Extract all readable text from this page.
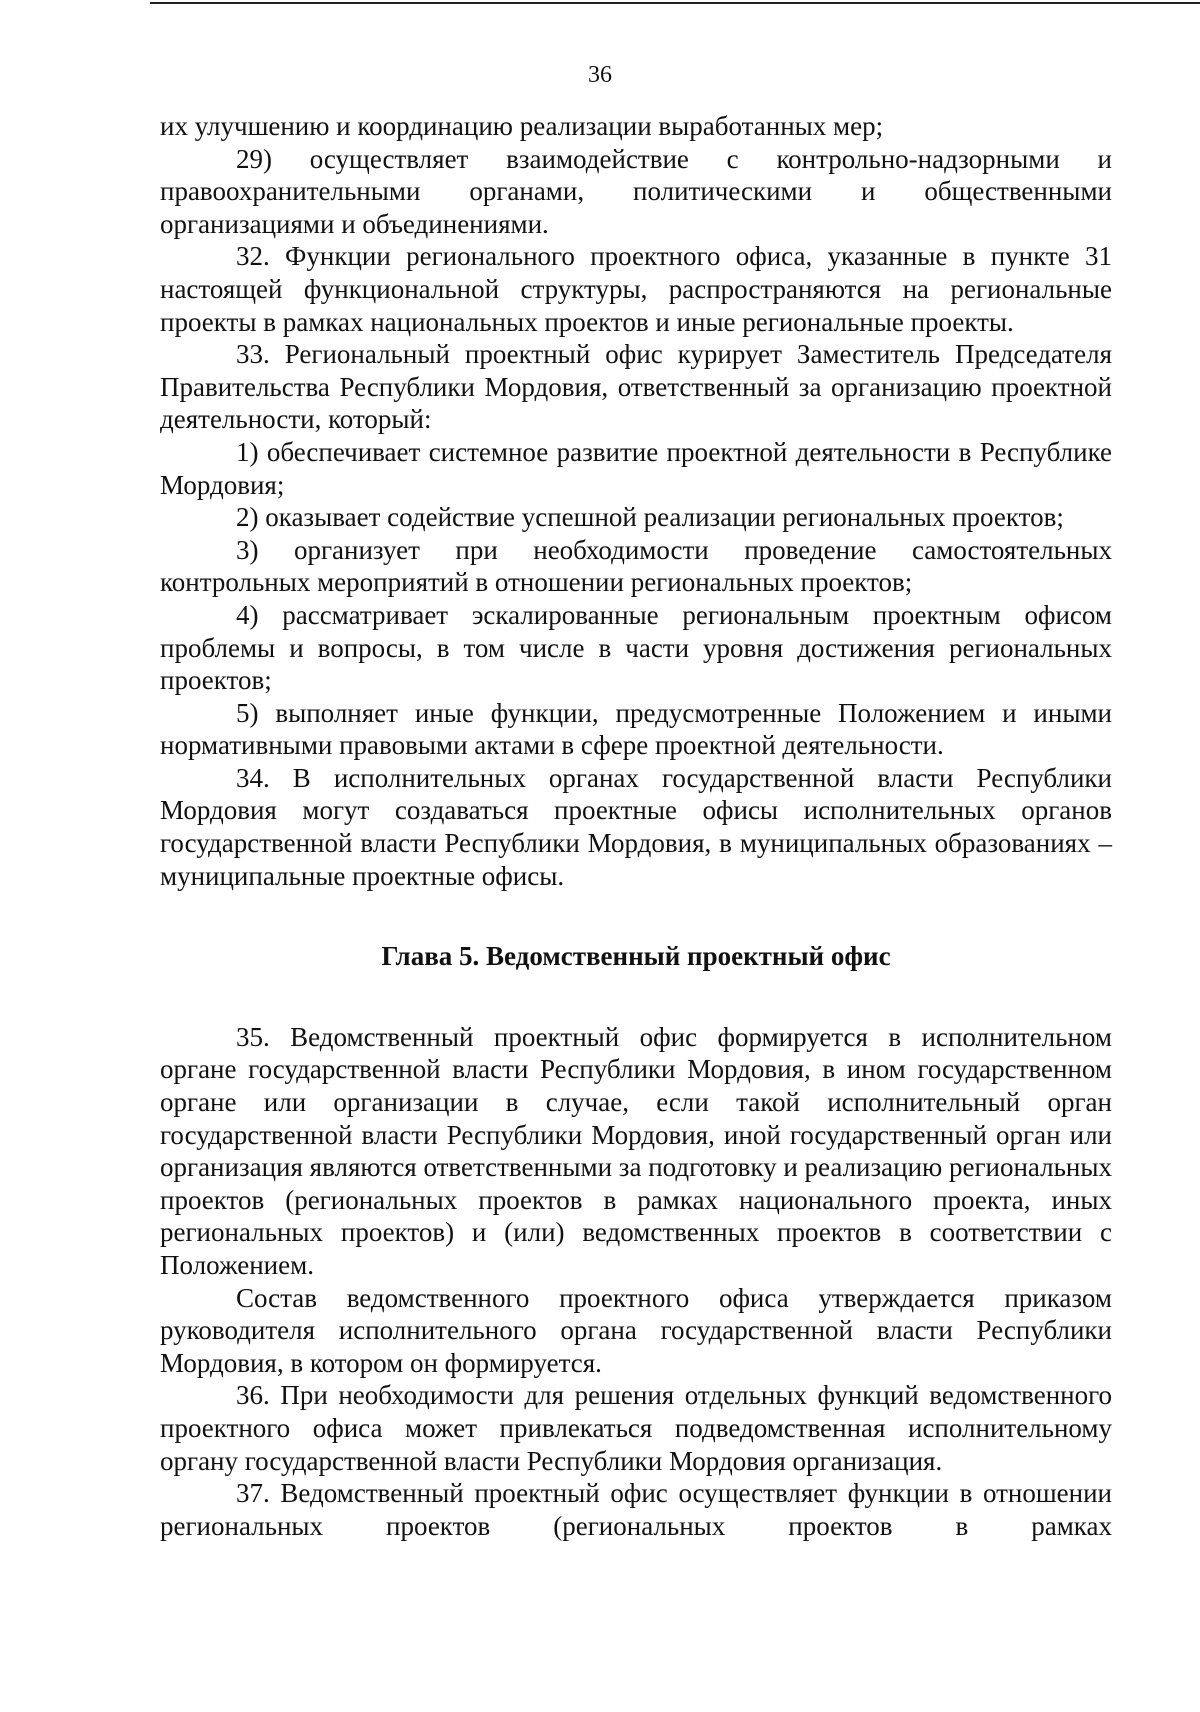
36

их улучшению и координацию реализации выработанных мер;

29) осуществляет взаимодействие с контрольно-надзорными и правоохранительными органами, политическими и общественными организациями и объединениями.

32. Функции регионального проектного офиса, указанные в пункте 31 настоящей функциональной структуры, распространяются на региональные проекты в рамках национальных проектов и иные региональные проекты.

33. Региональный проектный офис курирует Заместитель Председателя Правительства Республики Мордовия, ответственный за организацию проектной деятельности, который:

1) обеспечивает системное развитие проектной деятельности в Республике Мордовия;

2) оказывает содействие успешной реализации региональных проектов;

3) организует при необходимости проведение самостоятельных контрольных мероприятий в отношении региональных проектов;

4) рассматривает эскалированные региональным проектным офисом проблемы и вопросы, в том числе в части уровня достижения региональных проектов;

5) выполняет иные функции, предусмотренные Положением и иными нормативными правовыми актами в сфере проектной деятельности.

34. В исполнительных органах государственной власти Республики Мордовия могут создаваться проектные офисы исполнительных органов государственной власти Республики Мордовия, в муниципальных образованиях – муниципальные проектные офисы.

Глава 5. Ведомственный проектный офис

35. Ведомственный проектный офис формируется в исполнительном органе государственной власти Республики Мордовия, в ином государственном органе или организации в случае, если такой исполнительный орган государственной власти Республики Мордовия, иной государственный орган или организация являются ответственными за подготовку и реализацию региональных проектов (региональных проектов в рамках национального проекта, иных региональных проектов) и (или) ведомственных проектов в соответствии с Положением.

Состав ведомственного проектного офиса утверждается приказом руководителя исполнительного органа государственной власти Республики Мордовия, в котором он формируется.

36. При необходимости для решения отдельных функций ведомственного проектного офиса может привлекаться подведомственная исполнительному органу государственной власти Республики Мордовия организация.

37. Ведомственный проектный офис осуществляет функции в отношении региональных проектов (региональных проектов в рамках
